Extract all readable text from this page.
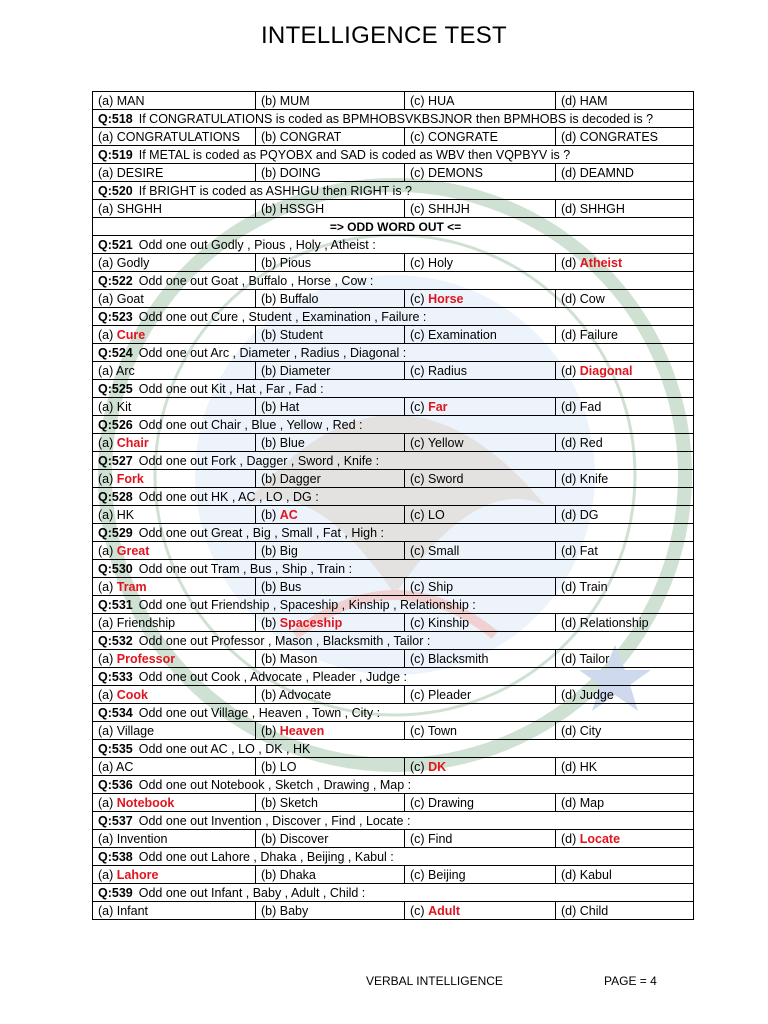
INTELLIGENCE TEST
(a) MAN	(b) MUM	(c) HUA	(d) HAM
Q:518 If CONGRATULATIONS is coded as BPMHOBSVKBSJNOR then BPMHOBS is decoded is ?			
(a) CONGRATULATIONS	(b) CONGRAT	(c) CONGRATE	(d) CONGRATES
Q:519 If METAL is coded as PQYOBX and SAD is coded as WBV then VQPBYV is ?			
(a) DESIRE	(b) DOING	(c) DEMONS	(d) DEAMND
Q:520 If BRIGHT is coded as ASHHGU then RIGHT is ?			
(a) SHGHH	(b) HSSGH	(c) SHHJH	(d) SHHGH
=> ODD WORD OUT <=			
Q:521 Odd one out Godly , Pious , Holy , Atheist :			
(a) Godly	(b) Pious	(c) Holy	(d) Atheist
Q:522 Odd one out Goat , Buffalo , Horse , Cow :			
(a) Goat	(b) Buffalo	(c) Horse	(d) Cow
Q:523 Odd one out Cure , Student , Examination , Failure :			
(a) Cure	(b) Student	(c) Examination	(d) Failure
Q:524 Odd one out Arc , Diameter , Radius , Diagonal :			
(a) Arc	(b) Diameter	(c) Radius	(d) Diagonal
Q:525 Odd one out Kit , Hat , Far , Fad :			
(a) Kit	(b) Hat	(c) Far	(d) Fad
Q:526 Odd one out Chair , Blue , Yellow , Red :			
(a) Chair	(b) Blue	(c) Yellow	(d) Red
Q:527 Odd one out Fork , Dagger , Sword , Knife :			
(a) Fork	(b) Dagger	(c) Sword	(d) Knife
Q:528 Odd one out HK , AC , LO , DG :			
(a) HK	(b) AC	(c) LO	(d) DG
Q:529 Odd one out Great , Big , Small , Fat , High :			
(a) Great	(b) Big	(c) Small	(d) Fat
Q:530 Odd one out Tram , Bus , Ship , Train :			
(a) Tram	(b) Bus	(c) Ship	(d) Train
Q:531 Odd one out Friendship , Spaceship , Kinship , Relationship :			
(a) Friendship	(b) Spaceship	(c) Kinship	(d) Relationship
Q:532 Odd one out Professor , Mason , Blacksmith , Tailor :			
(a) Professor	(b) Mason	(c) Blacksmith	(d) Tailor
Q:533 Odd one out Cook , Advocate , Pleader , Judge :			
(a) Cook	(b) Advocate	(c) Pleader	(d) Judge
Q:534 Odd one out Village , Heaven , Town , City :			
(a) Village	(b) Heaven	(c) Town	(d) City
Q:535 Odd one out AC , LO , DK , HK			
(a) AC	(b) LO	(c) DK	(d) HK
Q:536 Odd one out Notebook , Sketch , Drawing , Map :			
(a) Notebook	(b) Sketch	(c) Drawing	(d) Map
Q:537 Odd one out Invention , Discover , Find , Locate :			
(a) Invention	(b) Discover	(c) Find	(d) Locate
Q:538 Odd one out Lahore , Dhaka , Beijing , Kabul :			
(a) Lahore	(b) Dhaka	(c) Beijing	(d) Kabul
Q:539 Odd one out Infant , Baby , Adult , Child :			
(a) Infant	(b) Baby	(c) Adult	(d) Child
VERBAL INTELLIGENCE	PAGE = 4
